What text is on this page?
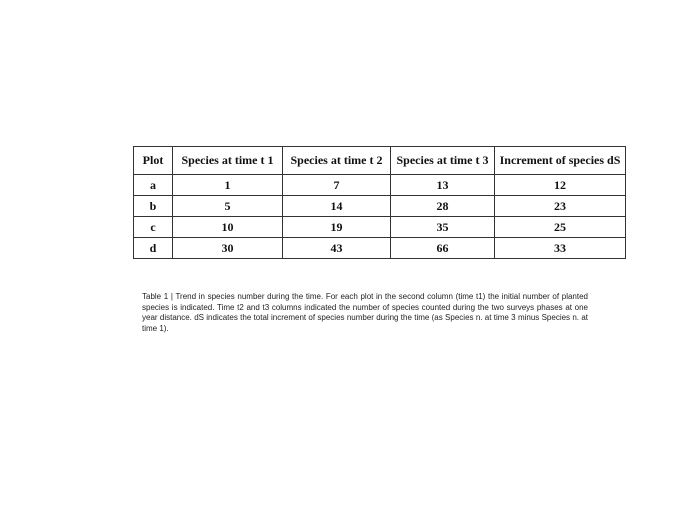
Plot	Species at time t 1	Species at time t 2	Species at time t 3	Increment of species dS
a	1	7	13	12
b	5	14	28	23
c	10	19	35	25
d	30	43	66	33

Table 1 | Trend in species number during the time. For each plot in the second column (time t1) the initial number of planted species is indicated. Time t2 and t3 columns indicated the number of species counted during the two surveys phases at one year distance. dS indicates the total increment of species number during the time (as Species n. at time 3 minus Species n. at time 1).
